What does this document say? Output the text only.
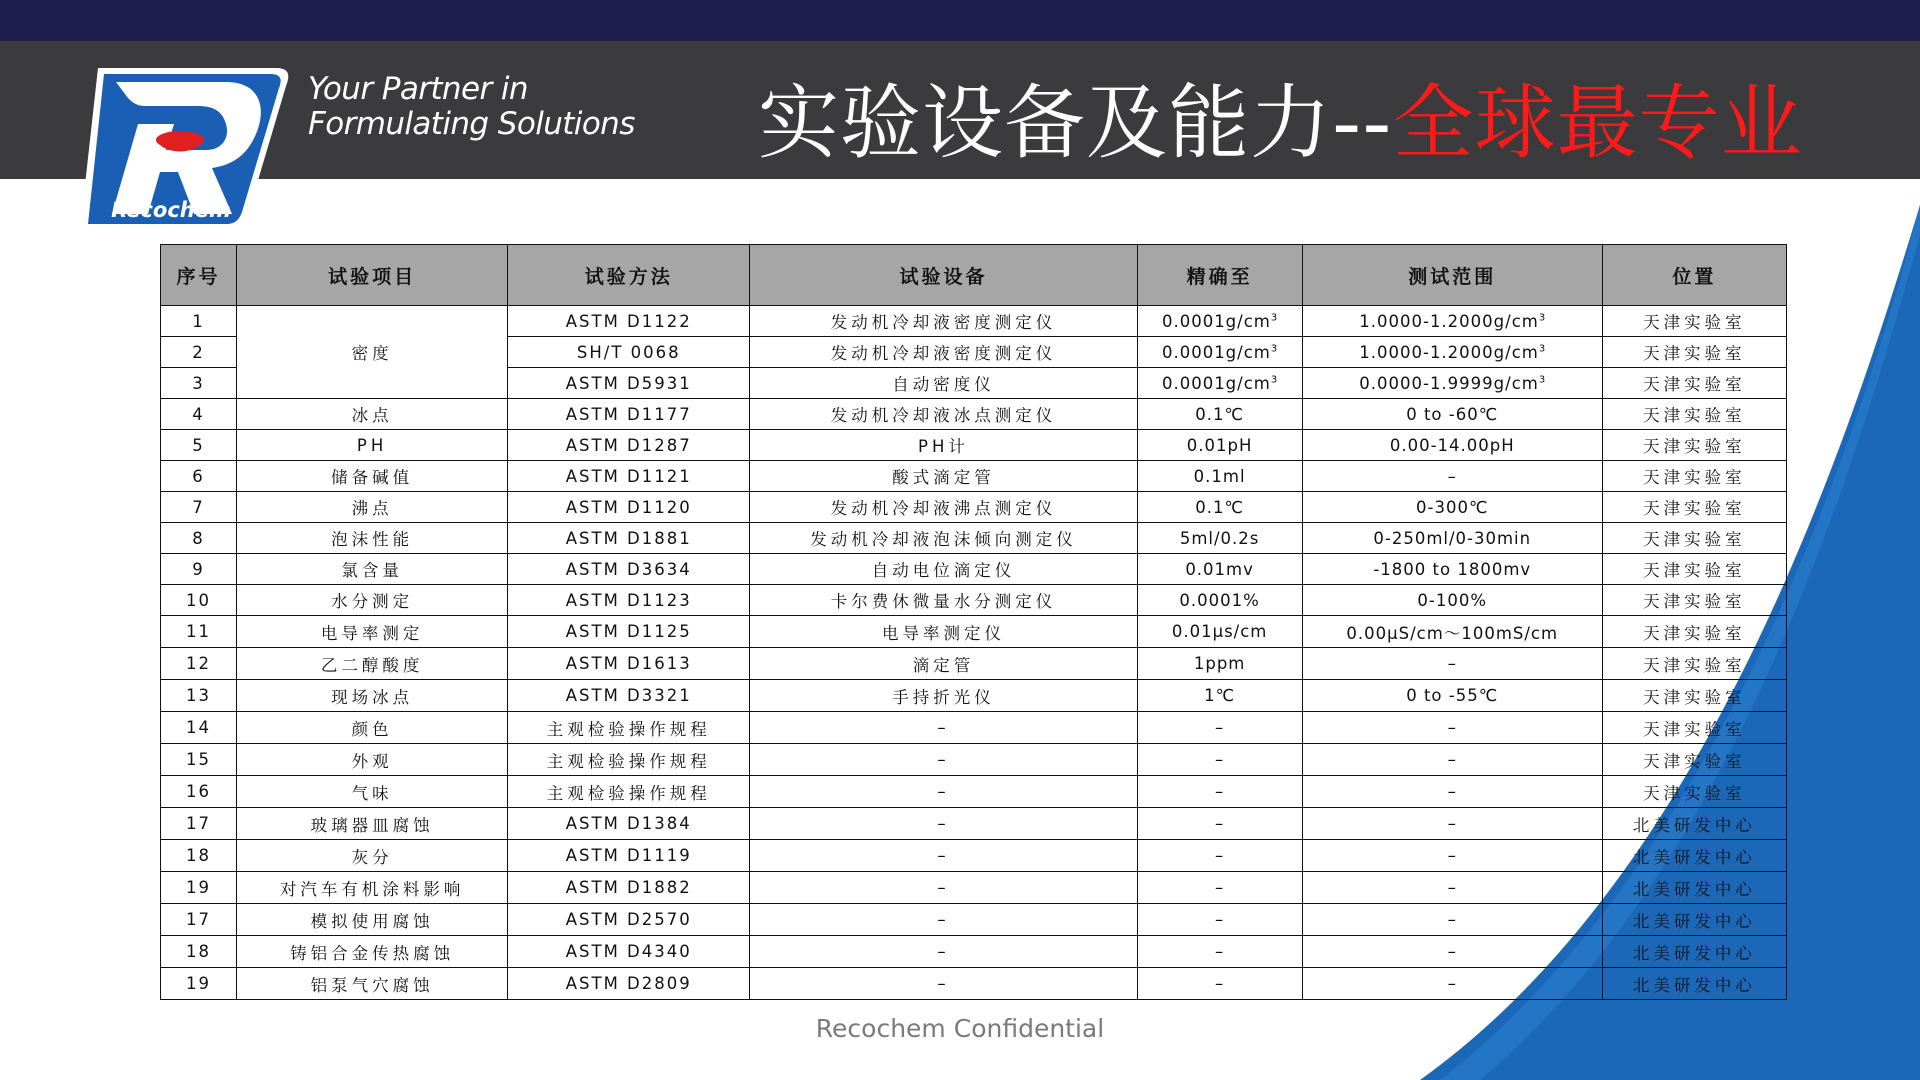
Recochem
Your Partner in
Formulating Solutions 实验设备及能力--全球最专业
序号	试验项目	试验方法	试验设备	精确至	测试范围	位置
1	密度	ASTM D1122	发动机冷却液密度测定仪	$0.0001g/cm^3$	$1.0000-1.2000g/cm^3$	天津实验室
2		SH/T 0068	发动机冷却液密度测定仪	$0.0001g/cm^3$	$1.0000-1.2000g/cm^3$	天津实验室
3		ASTM D5931	自动密度仪	$0.0001g/cm^3$	$0.0000-1.9999g/cm^3$	天津实验室
4	冰点	ASTM D1177	发动机冷却液冰点测定仪	0.1℃	0 to -60℃	天津实验室
5	PH	ASTM D1287	PH计	0.01pH	0.00-14.00pH	天津实验室
6	储备碱值	ASTM D1121	酸式滴定管	0.1ml	–	天津实验室
7	沸点	ASTM D1120	发动机冷却液沸点测定仪	0.1℃	0-300℃	天津实验室
8	泡沫性能	ASTM D1881	发动机冷却液泡沫倾向测定仪	5ml/0.2s	0-250ml/0-30min	天津实验室
9	氯含量	ASTM D3634	自动电位滴定仪	0.01mv	-1800 to 1800mv	天津实验室
10	水分测定	ASTM D1123	卡尔费休微量水分测定仪	0.0001%	0-100%	天津实验室
11	电导率测定	ASTM D1125	电导率测定仪	0.01μs/cm	0.00μS/cm～100mS/cm	天津实验室
12	乙二醇酸度	ASTM D1613	滴定管	1ppm	–	天津实验室
13	现场冰点	ASTM D3321	手持折光仪	1℃	0 to -55℃	天津实验室
14	颜色	主观检验操作规程	–	–	–	天津实验室
15	外观	主观检验操作规程	–	–	–	天津实验室
16	气味	主观检验操作规程	–	–	–	天津实验室
17	玻璃器皿腐蚀	ASTM D1384	–	–	–	北美研发中心
18	灰分	ASTM D1119	–	–	–	北美研发中心
19	对汽车有机涂料影响	ASTM D1882	–	–	–	北美研发中心
17	模拟使用腐蚀	ASTM D2570	–	–	–	北美研发中心
18	铸铝合金传热腐蚀	ASTM D4340	–	–	–	北美研发中心
19	铝泵气穴腐蚀	ASTM D2809	–	–	–	北美研发中心
Recochem Confidential
